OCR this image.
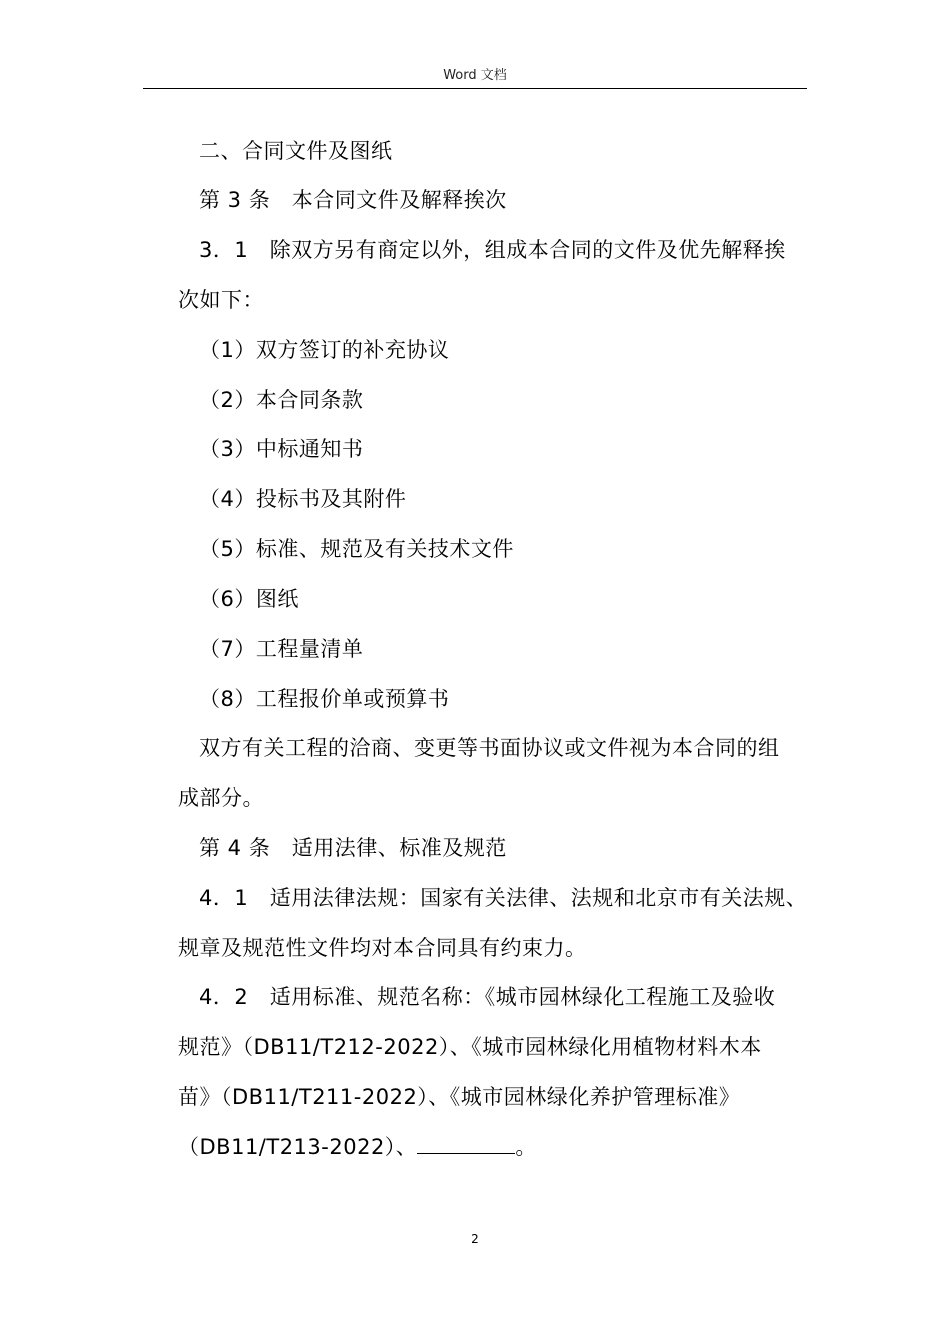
Word 文档
二、合同文件及图纸
第 3 条　本合同文件及解释挨次
3．1　除双方另有商定以外，组成本合同的文件及优先解释挨
次如下：
（1）双方签订的补充协议
（2）本合同条款
（3）中标通知书
（4）投标书及其附件
（5）标准、规范及有关技术文件
（6）图纸
（7）工程量清单
（8）工程报价单或预算书
双方有关工程的洽商、变更等书面协议或文件视为本合同的组
成部分。
第 4 条　适用法律、标准及规范
4．1　适用法律法规：国家有关法律、法规和北京市有关法规、
规章及规范性文件均对本合同具有约束力。
4．2　适用标准、规范名称：《城市园林绿化工程施工及验收
规范》（DB11/T212-2022）、《城市园林绿化用植物材料木本
苗》（DB11/T211-2022）、《城市园林绿化养护管理标准》
（DB11/T213-2022）、	。
2
